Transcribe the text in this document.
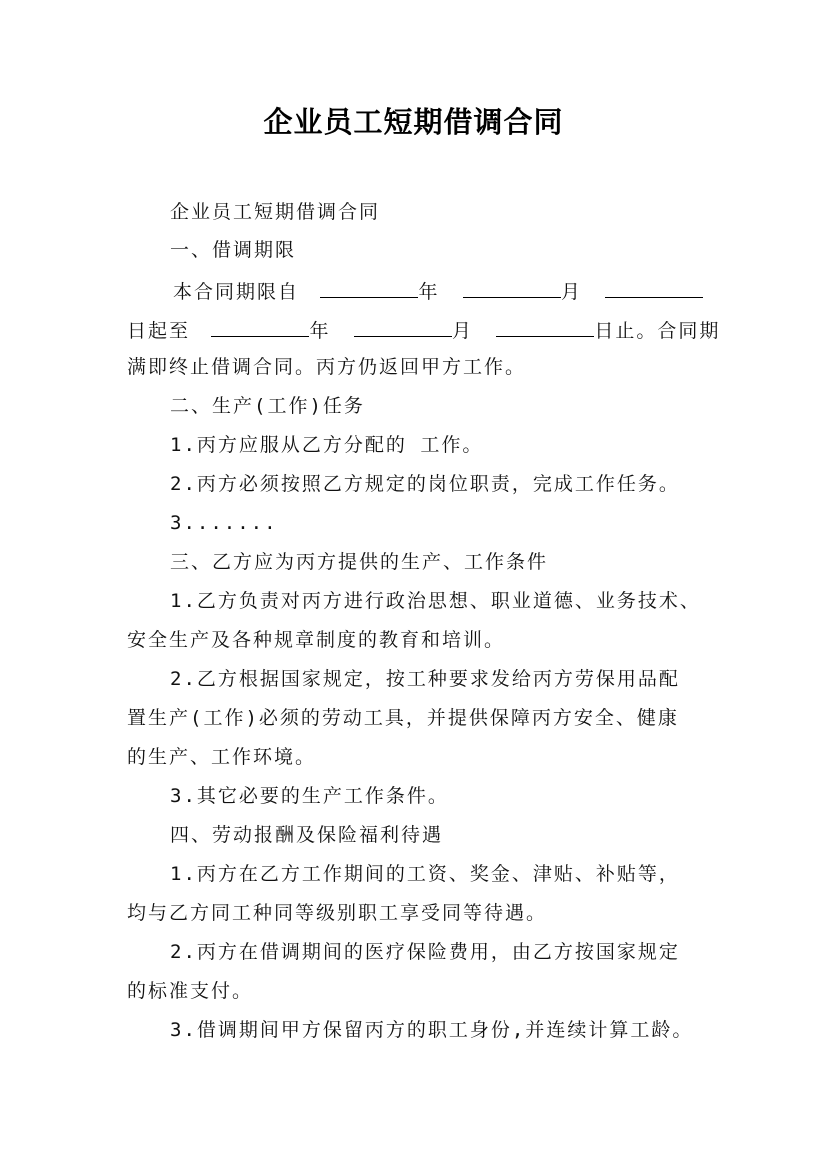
企业员工短期借调合同
企业员工短期借调合同
一、借调期限
本合同期限自	年	月
日起至	年	月	日止。合同期
满即终止借调合同。丙方仍返回甲方工作。
二、生产(工作)任务
1.丙方应服从乙方分配的 工作。
2.丙方必须按照乙方规定的岗位职责，完成工作任务。
3.......
三、乙方应为丙方提供的生产、工作条件
1.乙方负责对丙方进行政治思想、职业道德、业务技术、
安全生产及各种规章制度的教育和培训。
2.乙方根据国家规定，按工种要求发给丙方劳保用品配
置生产(工作)必须的劳动工具，并提供保障丙方安全、健康
的生产、工作环境。
3.其它必要的生产工作条件。
四、劳动报酬及保险福利待遇
1.丙方在乙方工作期间的工资、奖金、津贴、补贴等，
均与乙方同工种同等级别职工享受同等待遇。
2.丙方在借调期间的医疗保险费用，由乙方按国家规定
的标准支付。
3.借调期间甲方保留丙方的职工身份,并连续计算工龄。
